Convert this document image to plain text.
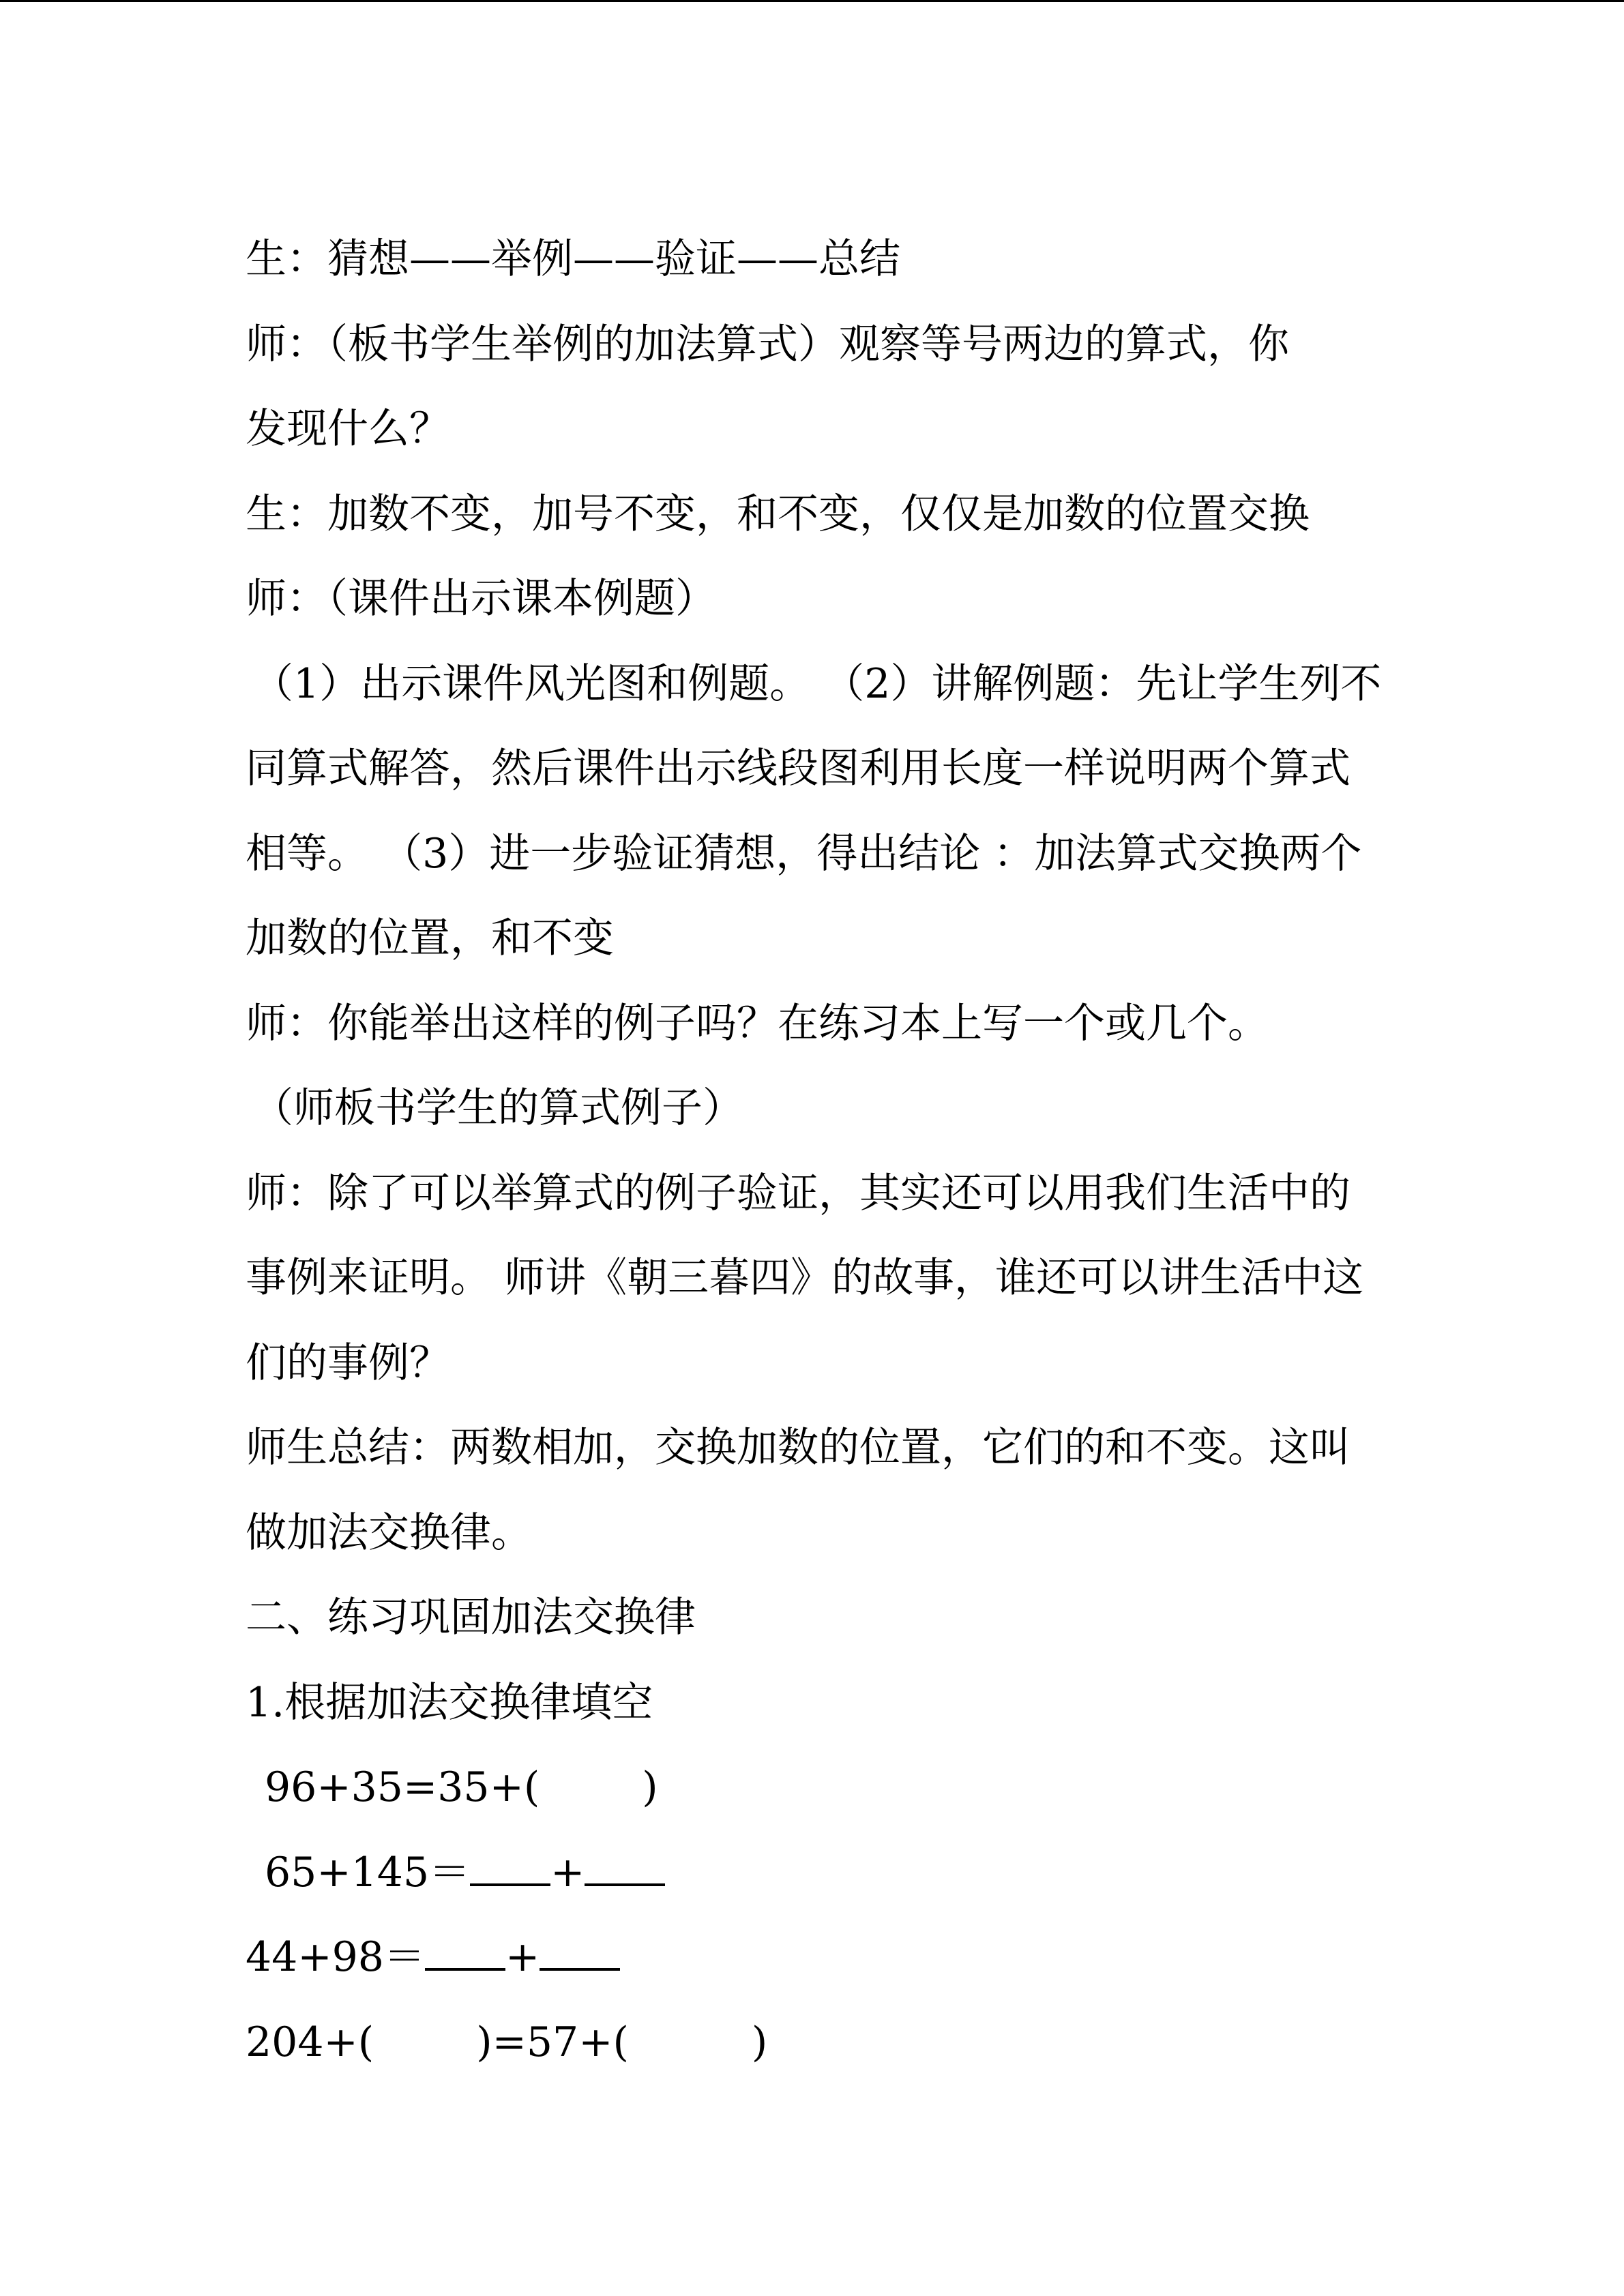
生：猜想——举例——验证——总结
师：（板书学生举例的加法算式）观察等号两边的算式，你
发现什么？
生：加数不变，加号不变，和不变，仅仅是加数的位置交换
师：（课件出示课本例题）
（1）出示课件风光图和例题。 （2）讲解例题：先让学生列不
同算式解答，然后课件出示线段图利用长度一样说明两个算式
相等。 （3）进一步验证猜想，得出结论 ：加法算式交换两个
加数的位置，和不变
师：你能举出这样的例子吗？在练习本上写一个或几个。
（师板书学生的算式例子）
师：除了可以举算式的例子验证，其实还可以用我们生活中的
事例来证明。 师讲《朝三暮四》的故事，谁还可以讲生活中这
们的事例？
师生总结：两数相加，交换加数的位置，它们的和不变。这叫
做加法交换律。
二、练习巩固加法交换律
1.根据加法交换律填空
96+35=35+(	)
65+145＝ +
44+98＝ +
204+(	)=57+(	)
